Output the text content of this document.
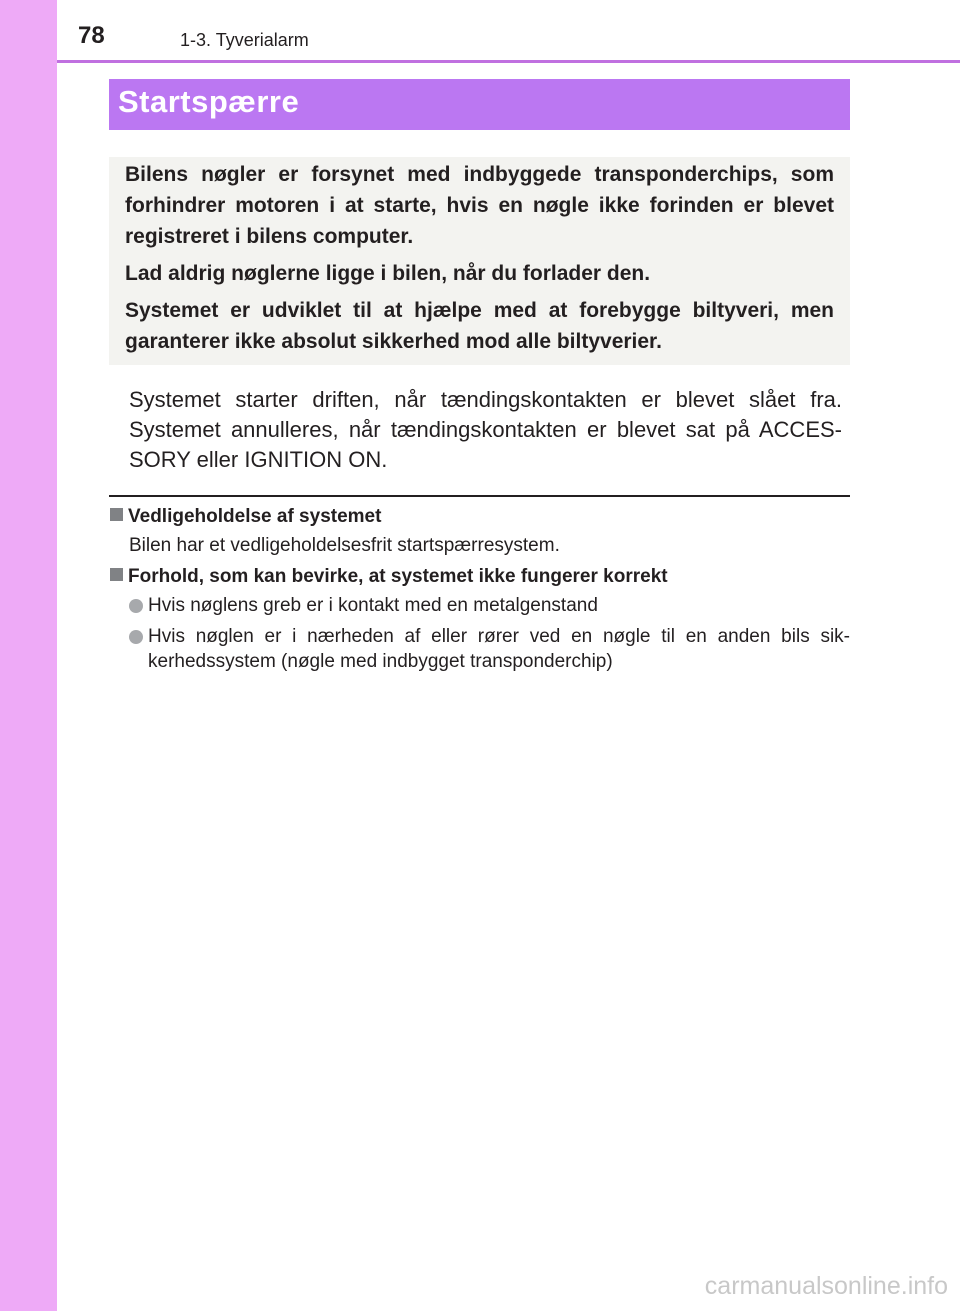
78	1-3. Tyverialarm
Startspærre

Bilens nøgler er forsynet med indbyggede transponderchips, som forhindrer motoren i at starte, hvis en nøgle ikke forinden er blevet registreret i bilens computer.

Lad aldrig nøglerne ligge i bilen, når du forlader den.

Systemet er udviklet til at hjælpe med at forebygge biltyveri, men garanterer ikke absolut sikkerhed mod alle biltyverier.

Systemet starter driften, når tændingskontakten er blevet slået fra. Systemet annulleres, når tændingskontakten er blevet sat på ACCES-SORY eller IGNITION ON.

Vedligeholdelse af systemet
Bilen har et vedligeholdelsesfrit startspærresystem.
Forhold, som kan bevirke, at systemet ikke fungerer korrekt
Hvis nøglens greb er i kontakt med en metalgenstand
Hvis nøglen er i nærheden af eller rører ved en nøgle til en anden bils sik-kerhedssystem (nøgle med indbygget transponderchip)
carmanualsonline.info
